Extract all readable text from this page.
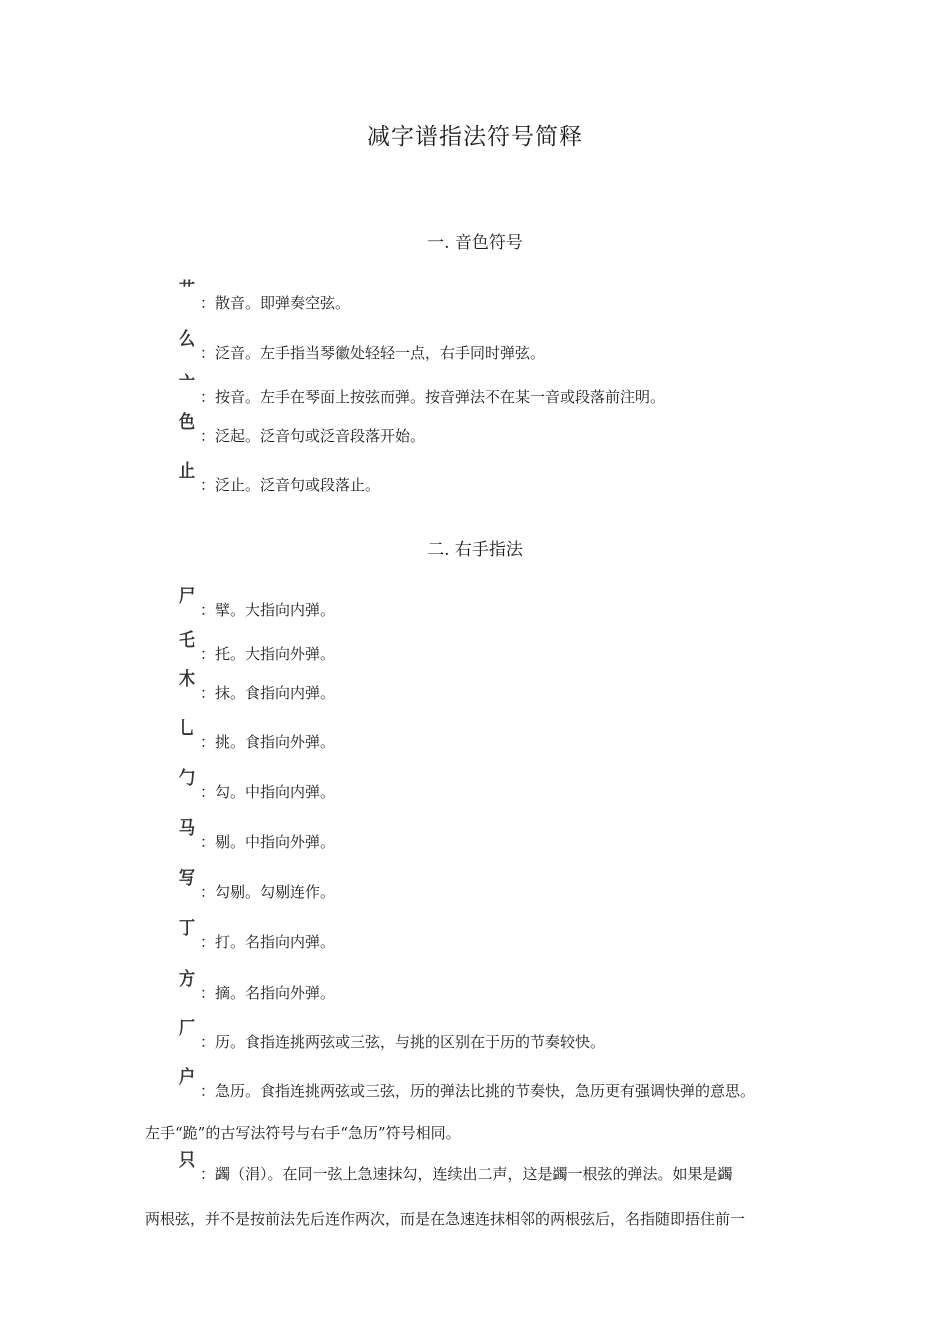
减字谱指法符号简释
一. 音色符号
艹
：散音。即弹奏空弦。
么
：泛音。左手指当琴徽处轻轻一点，右手同时弹弦。
亠
：按音。左手在琴面上按弦而弹。按音弹法不在某一音或段落前注明。
色
：泛起。泛音句或泛音段落开始。
止
：泛止。泛音句或段落止。
二. 右手指法
尸
：擘。大指向内弹。
乇
：托。大指向外弹。
木
：抹。食指向内弹。
乚
：挑。食指向外弹。
勹
：勾。中指向内弹。
马
：剔。中指向外弹。
写
：勾剔。勾剔连作。
丁
：打。名指向内弹。
方
：摘。名指向外弹。
厂
：历。食指连挑两弦或三弦，与挑的区别在于历的节奏较快。
户
：急历。食指连挑两弦或三弦，历的弹法比挑的节奏快，急历更有强调快弹的意思。
左手“跪”的古写法符号与右手“急历”符号相同。
只
：蠲（涓）。在同一弦上急速抹勾，连续出二声，这是蠲一根弦的弹法。如果是蠲
两根弦，并不是按前法先后连作两次，而是在急速连抹相邻的两根弦后，名指随即捂住前一
